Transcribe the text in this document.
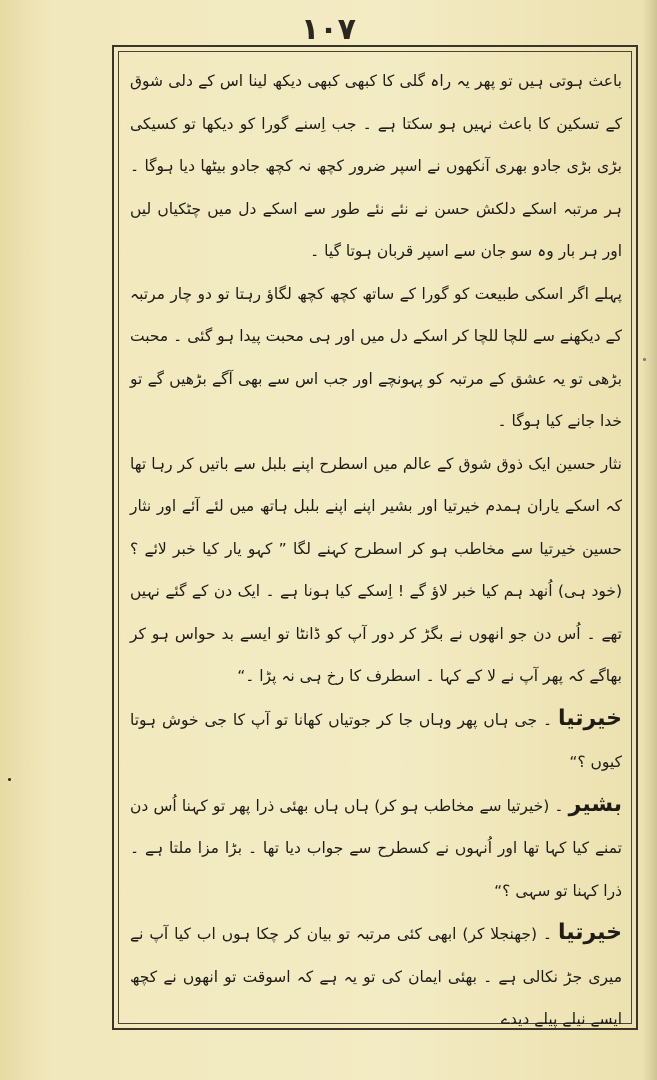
۱۰۷

باعث ہوتی ہیں تو پھر یہ راہ گلی کا کبھی کبھی دیکھ لینا اس کے دلی شوق کے تسکین کا باعث نہیں ہو سکتا ہے ۔ جب اِسنے گورا کو دیکھا تو کسیکی بڑی بڑی جادو بھری آنکھوں نے اسپر ضرور کچھ نہ کچھ جادو بیٹھا دیا ہوگا ۔ ہر مرتبہ اسکے دلکش حسن نے نئے نئے طور سے اسکے دل میں چٹکیاں لیں اور ہر بار وہ سو جان سے اسپر قربان ہوتا گیا ۔

پہلے اگر اسکی طبیعت کو گورا کے ساتھ کچھ کچھ لگاؤ رہتا تو دو چار مرتبہ کے دیکھنے سے للچا للچا کر اسکے دل میں اور ہی محبت پیدا ہو گئی ۔ محبت بڑھی تو یہ عشق کے مرتبہ کو پہونچے اور جب اس سے بھی آگے بڑھیں گے تو خدا جانے کیا ہوگا ۔

نثار حسین ایک ذوق شوق کے عالم میں اسطرح اپنے بلبل سے باتیں کر رہا تھا کہ اسکے یاران ہمدم خیرتیا اور بشیر اپنے اپنے بلبل ہاتھ میں لئے آئے اور نثار حسین خیرتیا سے مخاطب ہو کر اسطرح کہنے لگا ” کہو یار کیا خبر لائے ؟ (خود ہی) اُنھد ہم کیا خبر لاؤ گے ! اِسکے کیا ہونا ہے ۔ ایک دن کے گئے نہیں تھے ۔ اُس دن جو انھوں نے بگڑ کر دور آپ کو ڈانٹا تو ایسے بد حواس ہو کر بھاگے کہ پھر آپ نے لا کے کہا ۔ اسطرف کا رخ ہی نہ پڑا ۔“

خیرتیا ۔ جی ہاں پھر وہاں جا کر جوتیاں کھانا تو آپ کا جی خوش ہوتا کیوں ؟“

بشیر ۔ (خیرتیا سے مخاطب ہو کر) ہاں ہاں بھئی ذرا پھر تو کہنا اُس دن تمنے کیا کہا تھا اور اُنہوں نے کسطرح سے جواب دیا تھا ۔ بڑا مزا ملتا ہے ۔ ذرا کہنا تو سہی ؟“

خیرتیا ۔ (جھنجلا کر) ابھی کئی مرتبہ تو بیان کر چکا ہوں اب کیا آپ نے میری جڑ نکالی ہے ۔ بھئی ایمان کی تو یہ ہے کہ اسوقت تو انھوں نے کچھ ایسے نیلے پیلے دیدے
